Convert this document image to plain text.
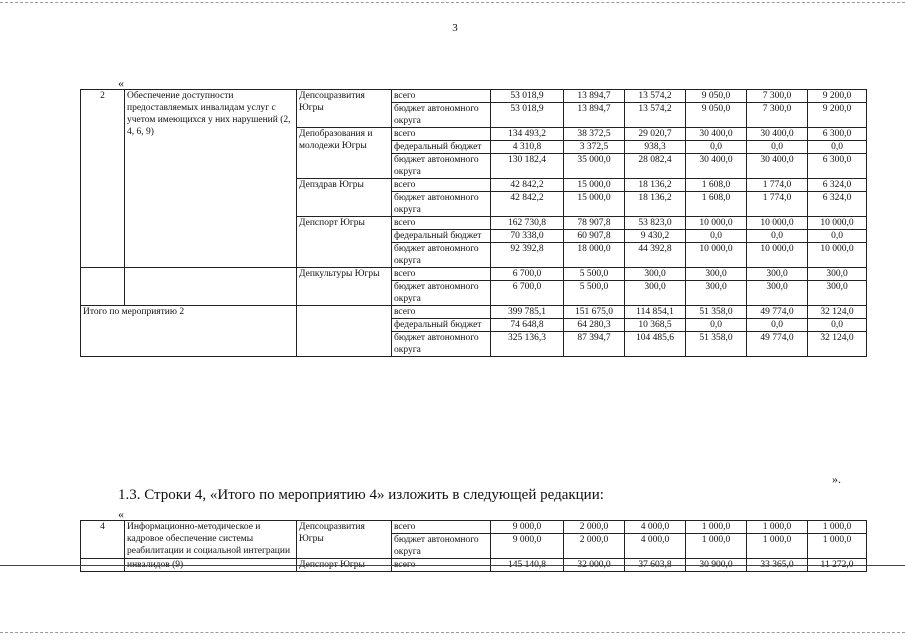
3
«
2	Обеспечение доступности предоставляемых инвалидам услуг с учетом имеющихся у них нарушений (2, 4, 6, 9)	Депсоцразвития Югры	всего	53 018,9	13 894,7	13 574,2	9 050,0	7 300,0	9 200,0
			бюджет автономного округа	53 018,9	13 894,7	13 574,2	9 050,0	7 300,0	9 200,0
		Депобразования и молодежи Югры	всего	134 493,2	38 372,5	29 020,7	30 400,0	30 400,0	6 300,0
			федеральный бюджет	4 310,8	3 372,5	938,3	0,0	0,0	0,0
			бюджет автономного округа	130 182,4	35 000,0	28 082,4	30 400,0	30 400,0	6 300,0
		Депздрав Югры	всего	42 842,2	15 000,0	18 136,2	1 608,0	1 774,0	6 324,0
			бюджет автономного округа	42 842,2	15 000,0	18 136,2	1 608,0	1 774,0	6 324,0
		Депспорт Югры	всего	162 730,8	78 907,8	53 823,0	10 000,0	10 000,0	10 000,0
			федеральный бюджет	70 338,0	60 907,8	9 430,2	0,0	0,0	0,0
			бюджет автономного округа	92 392,8	18 000,0	44 392,8	10 000,0	10 000,0	10 000,0
		Депкультуры Югры	всего	6 700,0	5 500,0	300,0	300,0	300,0	300,0
			бюджет автономного округа	6 700,0	5 500,0	300,0	300,0	300,0	300,0
Итого по мероприятию 2			всего	399 785,1	151 675,0	114 854,1	51 358,0	49 774,0	32 124,0
			федеральный бюджет	74 648,8	64 280,3	10 368,5	0,0	0,0	0,0
			бюджет автономного округа	325 136,3	87 394,7	104 485,6	51 358,0	49 774,0	32 124,0
».
1.3. Строки 4, «Итого по мероприятию 4» изложить в следующей редакции:
«
4	Информационно-методическое и кадровое обеспечение системы реабилитации и социальной интеграции	Депсоцразвития Югры	всего	9 000,0	2 000,0	4 000,0	1 000,0	1 000,0	1 000,0
			бюджет автономного округа	9 000,0	2 000,0	4 000,0	1 000,0	1 000,0	1 000,0
	инвалидов (9)	Депспорт Югры	всего	145 140,8	32 000,0	37 603,8	30 900,0	33 365,0	11 272,0
